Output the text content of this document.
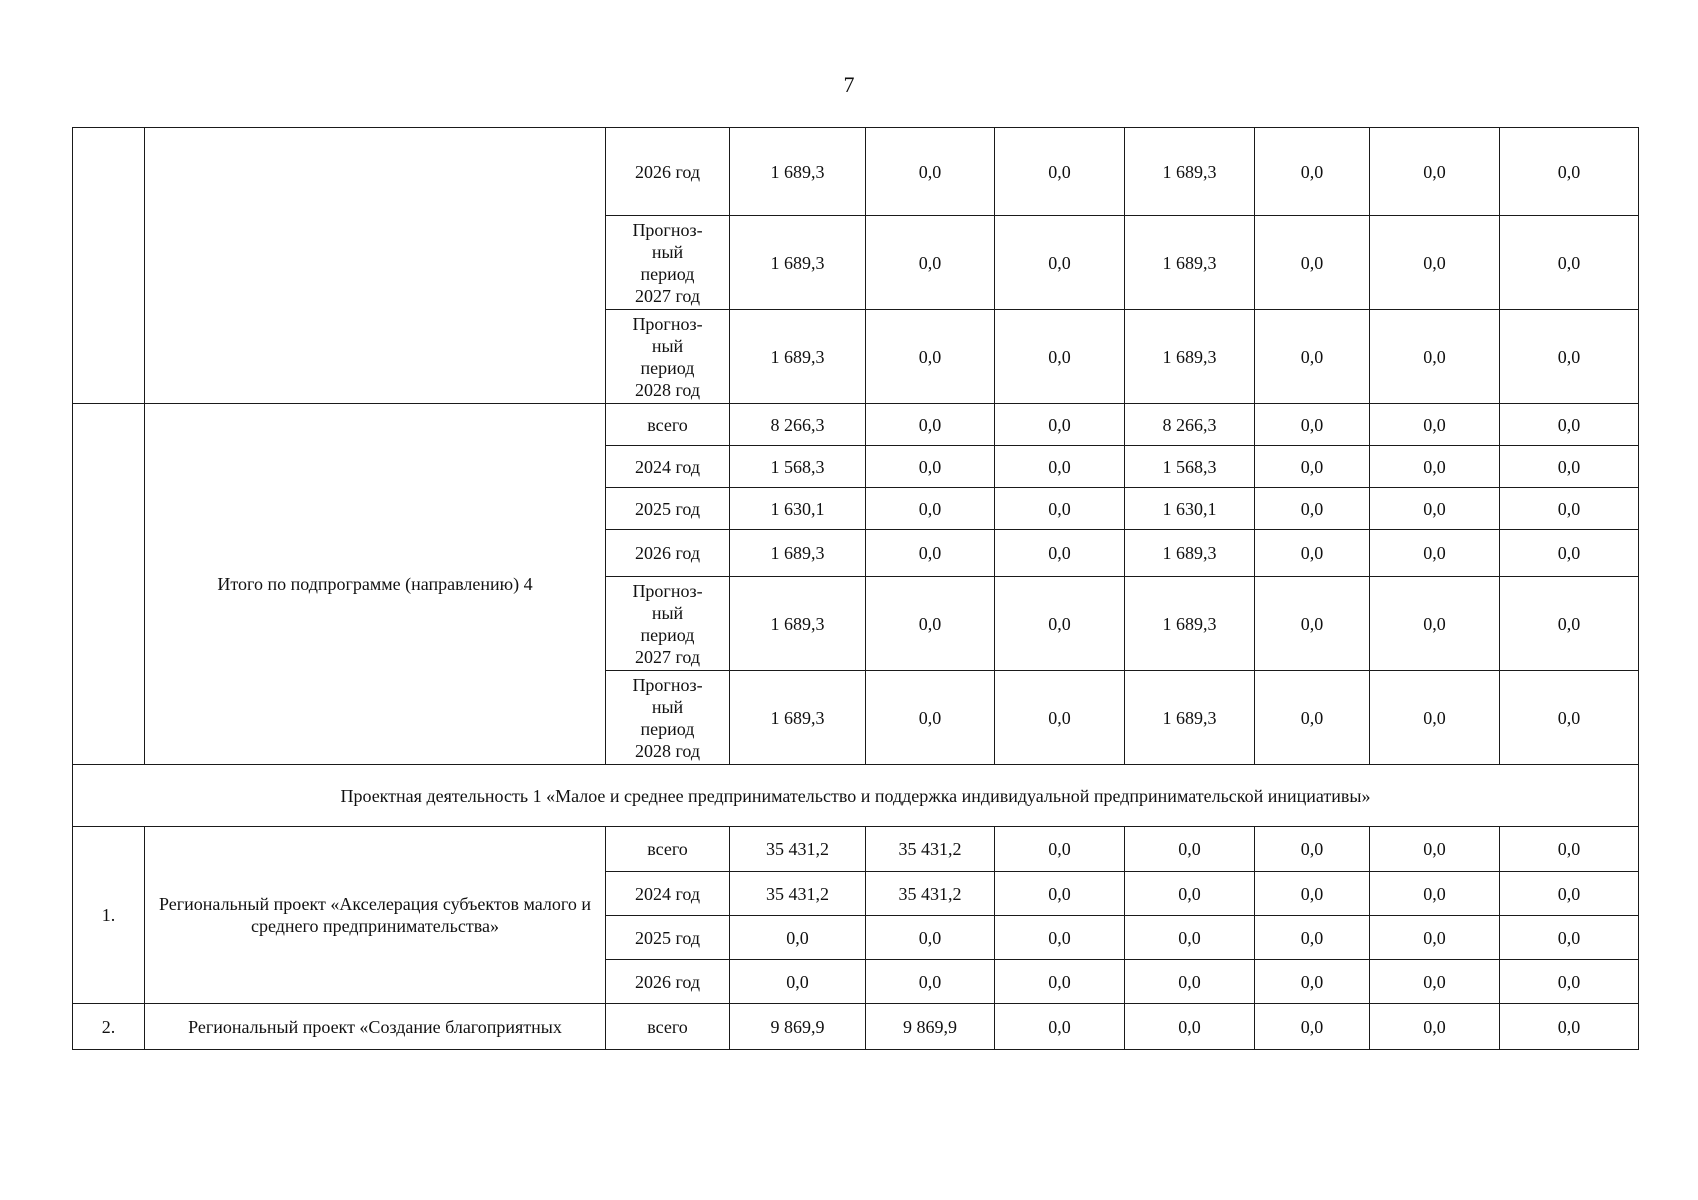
7
		2026 год	1 689,3	0,0	0,0	1 689,3	0,0	0,0	0,0
		Прогноз-
ный
период
2027 год	1 689,3	0,0	0,0	1 689,3	0,0	0,0	0,0
		Прогноз-
ный
период
2028 год	1 689,3	0,0	0,0	1 689,3	0,0	0,0	0,0
	Итого по подпрограмме (направлению) 4	всего	8 266,3	0,0	0,0	8 266,3	0,0	0,0	0,0
		2024 год	1 568,3	0,0	0,0	1 568,3	0,0	0,0	0,0
		2025 год	1 630,1	0,0	0,0	1 630,1	0,0	0,0	0,0
		2026 год	1 689,3	0,0	0,0	1 689,3	0,0	0,0	0,0
		Прогноз-
ный
период
2027 год	1 689,3	0,0	0,0	1 689,3	0,0	0,0	0,0
		Прогноз-
ный
период
2028 год	1 689,3	0,0	0,0	1 689,3	0,0	0,0	0,0
Проектная деятельность 1 «Малое и среднее предпринимательство и поддержка индивидуальной предпринимательской инициативы»									
1.	Региональный проект «Акселерация субъектов малого и среднего предпринимательства»	всего	35 431,2	35 431,2	0,0	0,0	0,0	0,0	0,0
		2024 год	35 431,2	35 431,2	0,0	0,0	0,0	0,0	0,0
		2025 год	0,0	0,0	0,0	0,0	0,0	0,0	0,0
		2026 год	0,0	0,0	0,0	0,0	0,0	0,0	0,0
2.	Региональный проект «Создание благоприятных	всего	9 869,9	9 869,9	0,0	0,0	0,0	0,0	0,0
